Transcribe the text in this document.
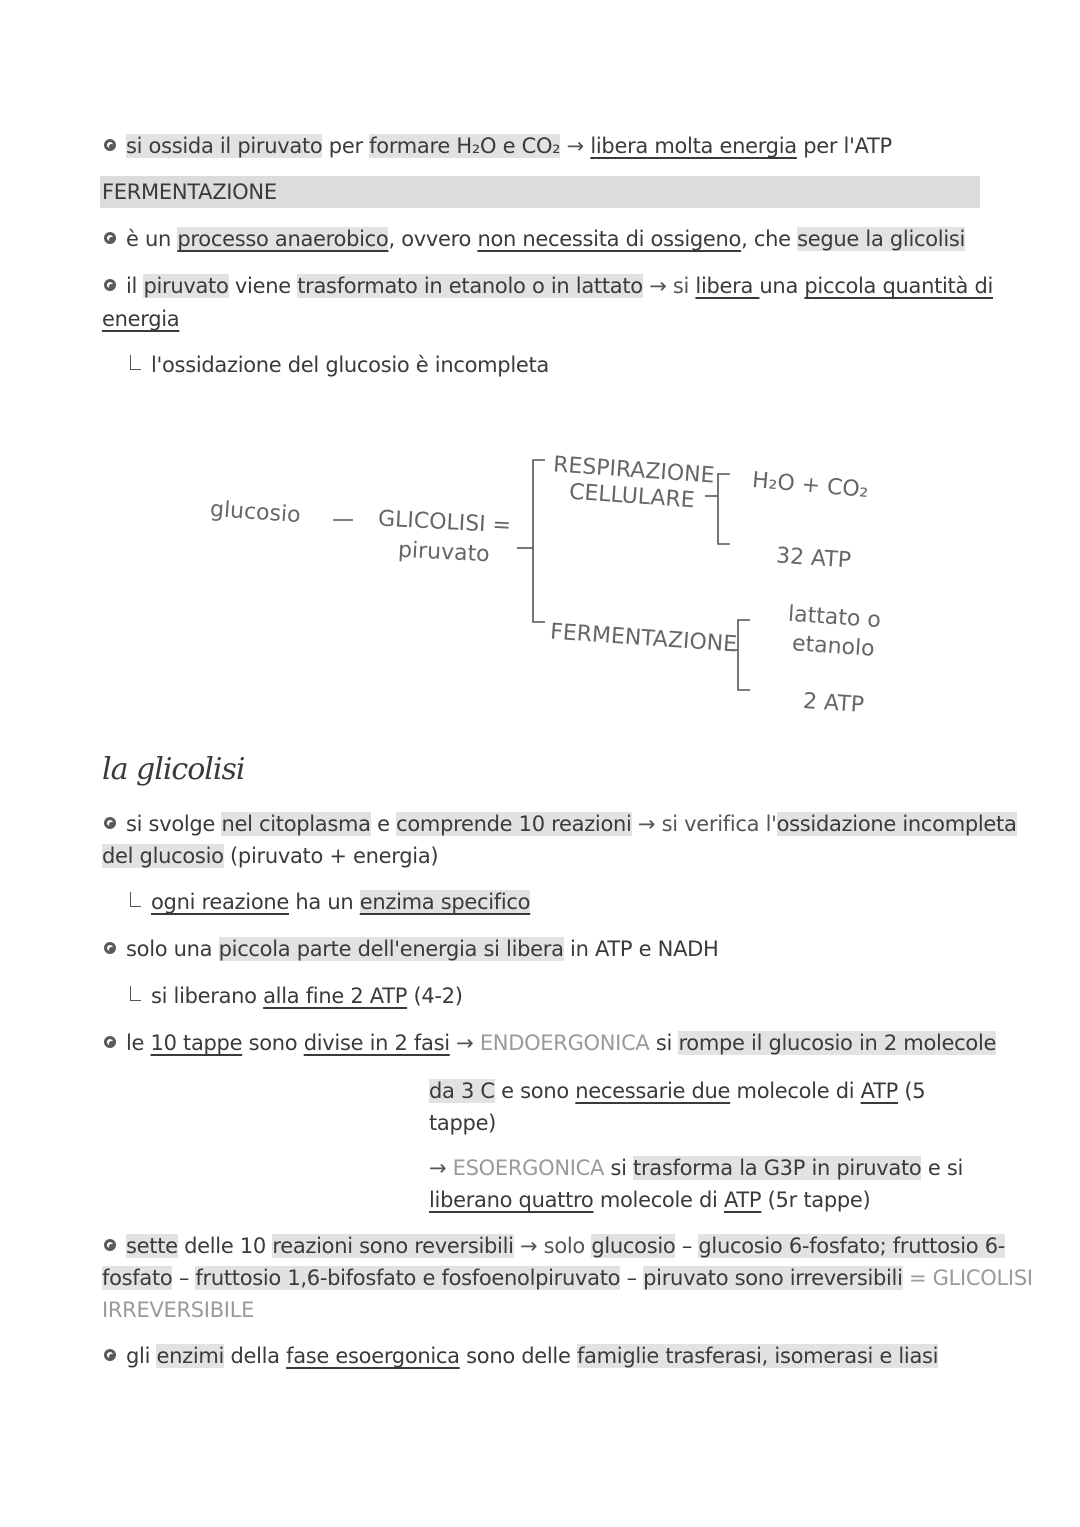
si ossida il piruvato per formare H₂O e CO₂ → libera molta energia per l'ATP
FERMENTAZIONE
è un processo anaerobico, ovvero non necessita di ossigeno, che segue la glicolisi
il piruvato viene trasformato in etanolo o in lattato → si libera una piccola quantità di
energia
l'ossidazione del glucosio è incompleta
glucosio	GLICOLISI =
piruvato
RESPIRAZIONE
CELLULARE	H₂O + CO₂
32 ATP
FERMENTAZIONE
lattato o
etanolo
2 ATP
la glicolisi
si svolge nel citoplasma e comprende 10 reazioni → si verifica l'ossidazione incompleta
del glucosio (piruvato + energia)
ogni reazione ha un enzima specifico
solo una piccola parte dell'energia si libera in ATP e NADH
si liberano alla fine 2 ATP (4-2)
le 10 tappe sono divise in 2 fasi → ENDOERGONICA si rompe il glucosio in 2 molecole
da 3 C e sono necessarie due molecole di ATP (5
tappe)
→ ESOERGONICA si trasforma la G3P in piruvato e si
liberano quattro molecole di ATP (5r tappe)
sette delle 10 reazioni sono reversibili → solo glucosio – glucosio 6-fosfato; fruttosio 6-
fosfato – fruttosio 1,6-bifosfato e fosfoenolpiruvato – piruvato sono irreversibili = GLICOLISI
IRREVERSIBILE
gli enzimi della fase esoergonica sono delle famiglie trasferasi, isomerasi e liasi
